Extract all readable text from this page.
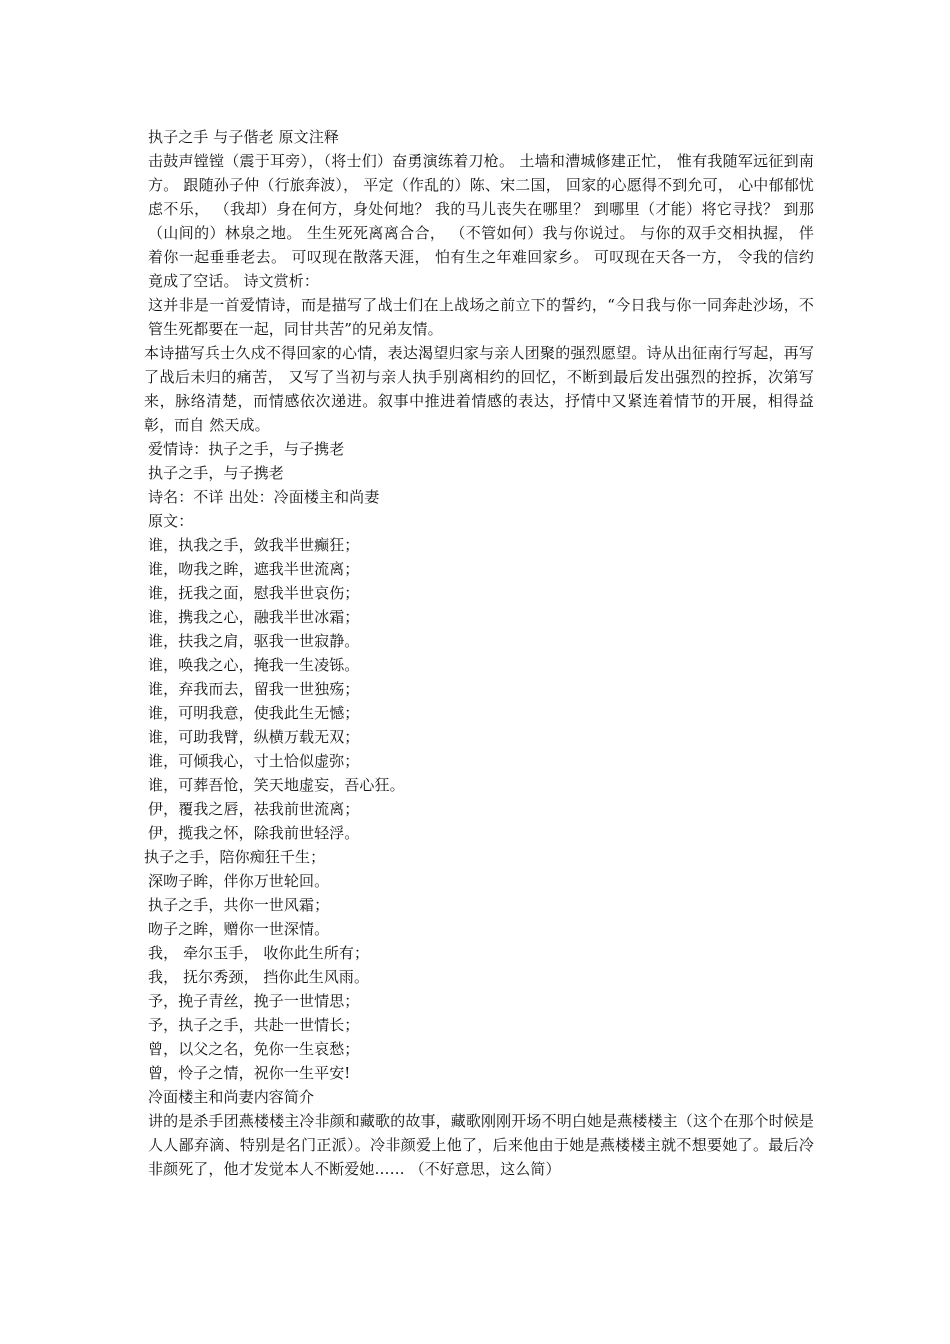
执子之手 与子偕老 原文注释

击鼓声镗镗（震于耳旁），（将士们）奋勇演练着刀枪。 土墙和漕城修建正忙， 惟有我随军远征到南方。 跟随孙子仲（行旅奔波）， 平定（作乱的）陈、宋二国， 回家的心愿得不到允可， 心中郁郁忧虑不乐， （我却）身在何方，身处何地？ 我的马儿丧失在哪里？ 到哪里（才能）将它寻找？ 到那（山间的）林泉之地。 生生死死离离合合， （不管如何）我与你说过。 与你的双手交相执握， 伴着你一起垂垂老去。 可叹现在散落天涯， 怕有生之年难回家乡。 可叹现在天各一方， 令我的信约竟成了空话。 诗文赏析：

这并非是一首爱情诗，而是描写了战士们在上战场之前立下的誓约，“今日我与你一同奔赴沙场，不管生死都要在一起，同甘共苦”的兄弟友情。

本诗描写兵士久戍不得回家的心情，表达渴望归家与亲人团聚的强烈愿望。诗从出征南行写起，再写了战后未归的痛苦， 又写了当初与亲人执手别离相约的回忆，不断到最后发出强烈的控拆，次第写来，脉络清楚，而情感依次递进。叙事中推进着情感的表达，抒情中又紧连着情节的开展，相得益彰，而自 然天成。

爱情诗：执子之手，与子携老

执子之手，与子携老

诗名：不详 出处：冷面楼主和尚妻

原文：

谁，执我之手，敛我半世癫狂；

谁，吻我之眸，遮我半世流离；

谁，抚我之面，慰我半世哀伤；

谁，携我之心，融我半世冰霜；

谁，扶我之肩，驱我一世寂静。

谁，唤我之心，掩我一生凌铄。

谁，弃我而去，留我一世独殇；

谁，可明我意，使我此生无憾；

谁，可助我臂，纵横万载无双；

谁，可倾我心，寸土恰似虚弥；

谁，可葬吾怆，笑天地虚妄，吾心狂。

伊，覆我之唇，祛我前世流离；

伊，揽我之怀，除我前世轻浮。

执子之手，陪你痴狂千生；

深吻子眸，伴你万世轮回。

执子之手，共你一世风霜；

吻子之眸，赠你一世深情。

我， 牵尔玉手， 收你此生所有；

我， 抚尔秀颈， 挡你此生风雨。

予，挽子青丝，挽子一世情思；

予，执子之手，共赴一世情长；

曾，以父之名，免你一生哀愁；

曾，怜子之情，祝你一生平安!

冷面楼主和尚妻内容简介

讲的是杀手团燕楼楼主冷非颜和藏歌的故事，藏歌刚刚开场不明白她是燕楼楼主（这个在那个时候是人人鄙弃滴、特别是名门正派）。冷非颜爱上他了，后来他由于她是燕楼楼主就不想要她了。最后冷非颜死了，他才发觉本人不断爱她…… （不好意思，这么简）
